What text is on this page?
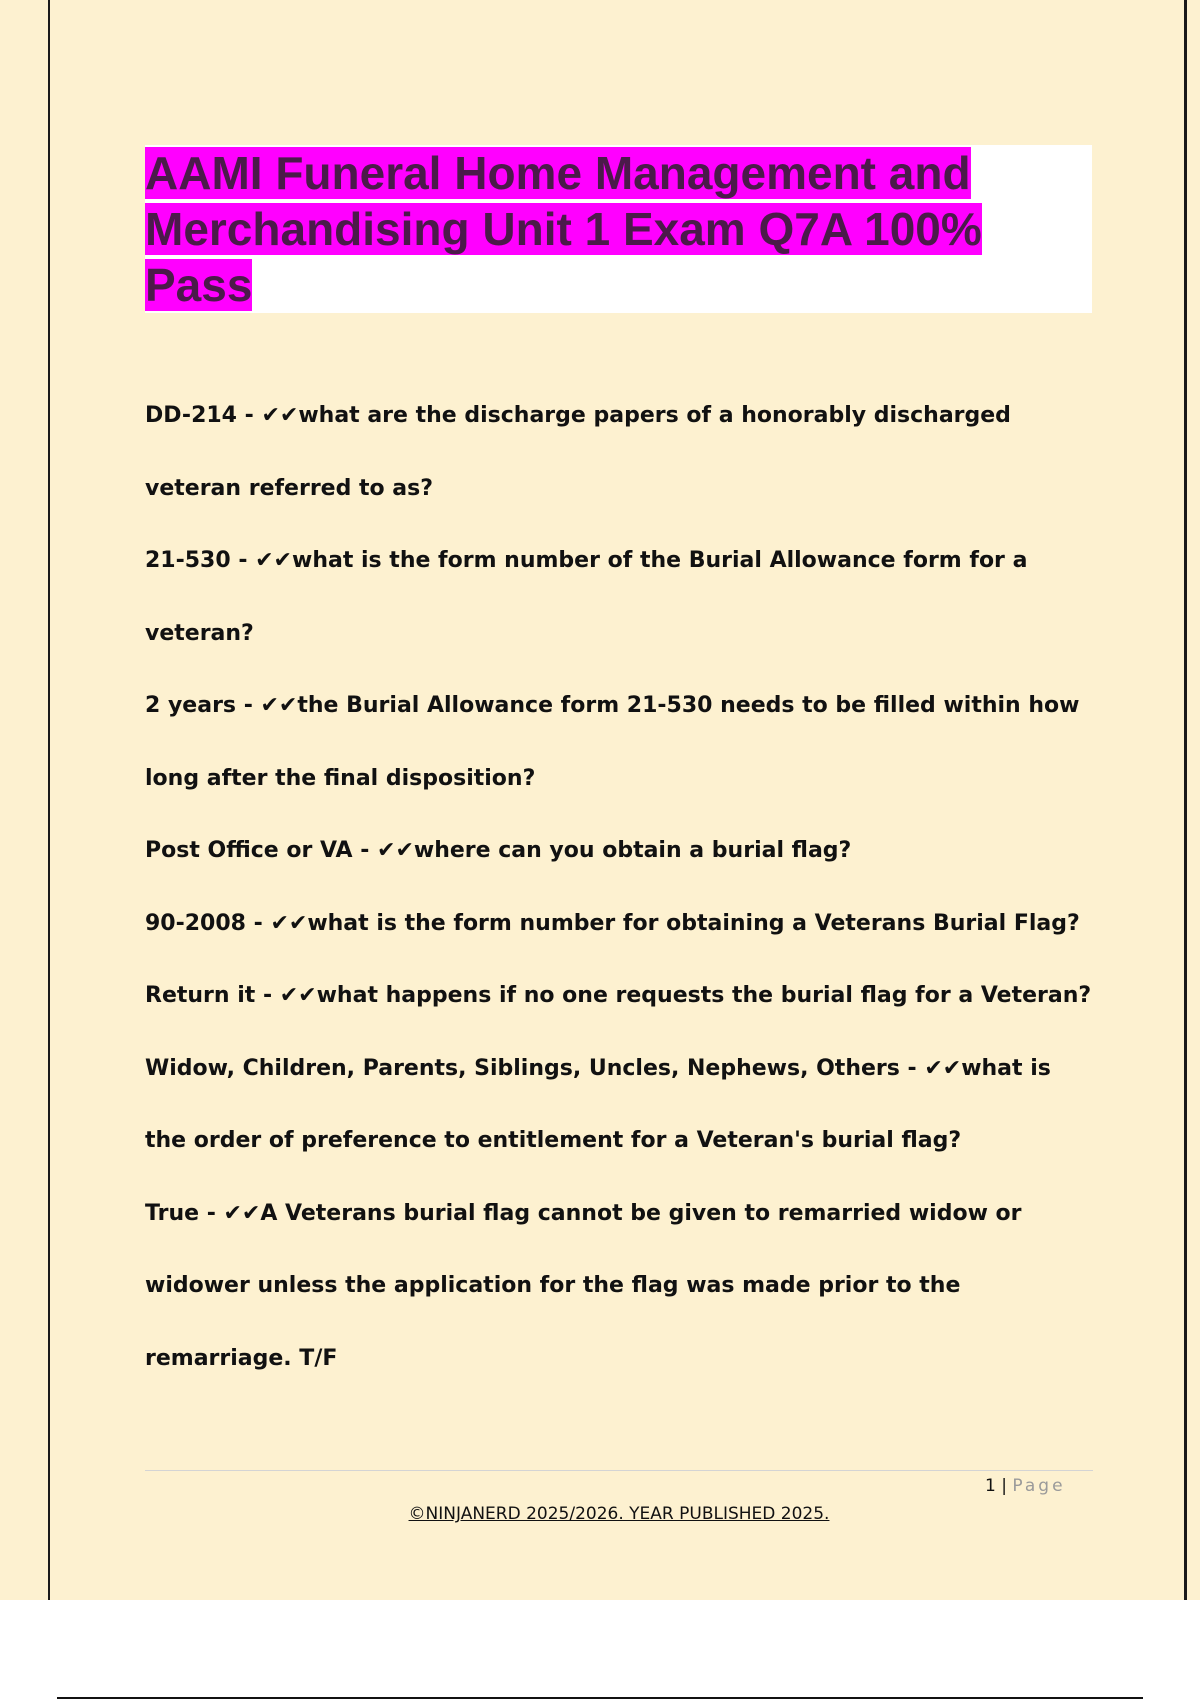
AAMI Funeral Home Management and Merchandising Unit 1 Exam Q7A 100% Pass

DD-214 - ✔✔what are the discharge papers of a honorably discharged veteran referred to as?

21-530 - ✔✔what is the form number of the Burial Allowance form for a veteran?

2 years - ✔✔the Burial Allowance form 21-530 needs to be filled within how long after the final disposition?

Post Office or VA - ✔✔where can you obtain a burial flag?

90-2008 - ✔✔what is the form number for obtaining a Veterans Burial Flag?

Return it - ✔✔what happens if no one requests the burial flag for a Veteran?

Widow, Children, Parents, Siblings, Uncles, Nephews, Others - ✔✔what is the order of preference to entitlement for a Veteran's burial flag?

True - ✔✔A Veterans burial flag cannot be given to remarried widow or widower unless the application for the flag was made prior to the remarriage. T/F

1 | Page
©NINJANERD 2025/2026. YEAR PUBLISHED 2025.
